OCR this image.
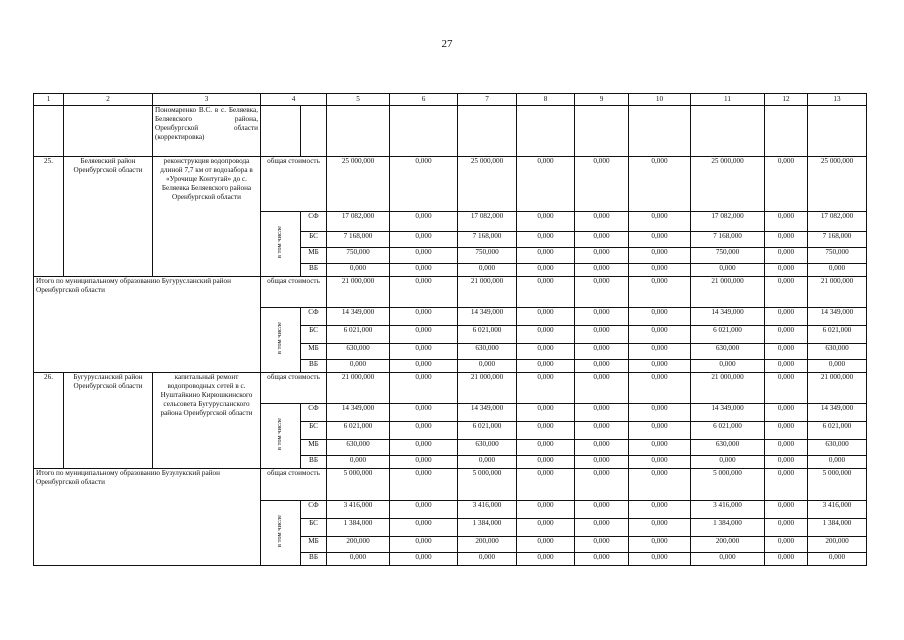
27
1	2	3	4		5	6	7	8	9	10	11	12	13
		Пономаренко В.С. в с. Беляевка, Беляевского района, Оренбургской области (корректировка)											
25.	Беляевский район Оренбургской области	реконструкция водопровода длиной 7,7 км от водозабора в «Урочище Контугай» до с. Беляевка Беляевского района Оренбургской области	общая стоимость		25 000,000	0,000	25 000,000	0,000	0,000	0,000	25 000,000	0,000	25 000,000
			в том числе	СФ	17 082,000	0,000	17 082,000	0,000	0,000	0,000	17 082,000	0,000	17 082,000
				БС	7 168,000	0,000	7 168,000	0,000	0,000	0,000	7 168,000	0,000	7 168,000
				МБ	750,000	0,000	750,000	0,000	0,000	0,000	750,000	0,000	750,000
				ВБ	0,000	0,000	0,000	0,000	0,000	0,000	0,000	0,000	0,000
Итого по муниципальному образованию Бугурусланский район Оренбургской области			общая стоимость		21 000,000	0,000	21 000,000	0,000	0,000	0,000	21 000,000	0,000	21 000,000
			в том числе	СФ	14 349,000	0,000	14 349,000	0,000	0,000	0,000	14 349,000	0,000	14 349,000
				БС	6 021,000	0,000	6 021,000	0,000	0,000	0,000	6 021,000	0,000	6 021,000
				МБ	630,000	0,000	630,000	0,000	0,000	0,000	630,000	0,000	630,000
				ВБ	0,000	0,000	0,000	0,000	0,000	0,000	0,000	0,000	0,000
26.	Бугурусланский район Оренбургской области	капитальный ремонт водопроводных сетей в с. Нуштайкино Кирюшкинского сельсовета Бугурусланского района Оренбургской области	общая стоимость		21 000,000	0,000	21 000,000	0,000	0,000	0,000	21 000,000	0,000	21 000,000
			в том числе	СФ	14 349,000	0,000	14 349,000	0,000	0,000	0,000	14 349,000	0,000	14 349,000
				БС	6 021,000	0,000	6 021,000	0,000	0,000	0,000	6 021,000	0,000	6 021,000
				МБ	630,000	0,000	630,000	0,000	0,000	0,000	630,000	0,000	630,000
				ВБ	0,000	0,000	0,000	0,000	0,000	0,000	0,000	0,000	0,000
Итого по муниципальному образованию Бузулукский район Оренбургской области			общая стоимость		5 000,000	0,000	5 000,000	0,000	0,000	0,000	5 000,000	0,000	5 000,000
			в том числе	СФ	3 416,000	0,000	3 416,000	0,000	0,000	0,000	3 416,000	0,000	3 416,000
				БС	1 384,000	0,000	1 384,000	0,000	0,000	0,000	1 384,000	0,000	1 384,000
				МБ	200,000	0,000	200,000	0,000	0,000	0,000	200,000	0,000	200,000
				ВБ	0,000	0,000	0,000	0,000	0,000	0,000	0,000	0,000	0,000
